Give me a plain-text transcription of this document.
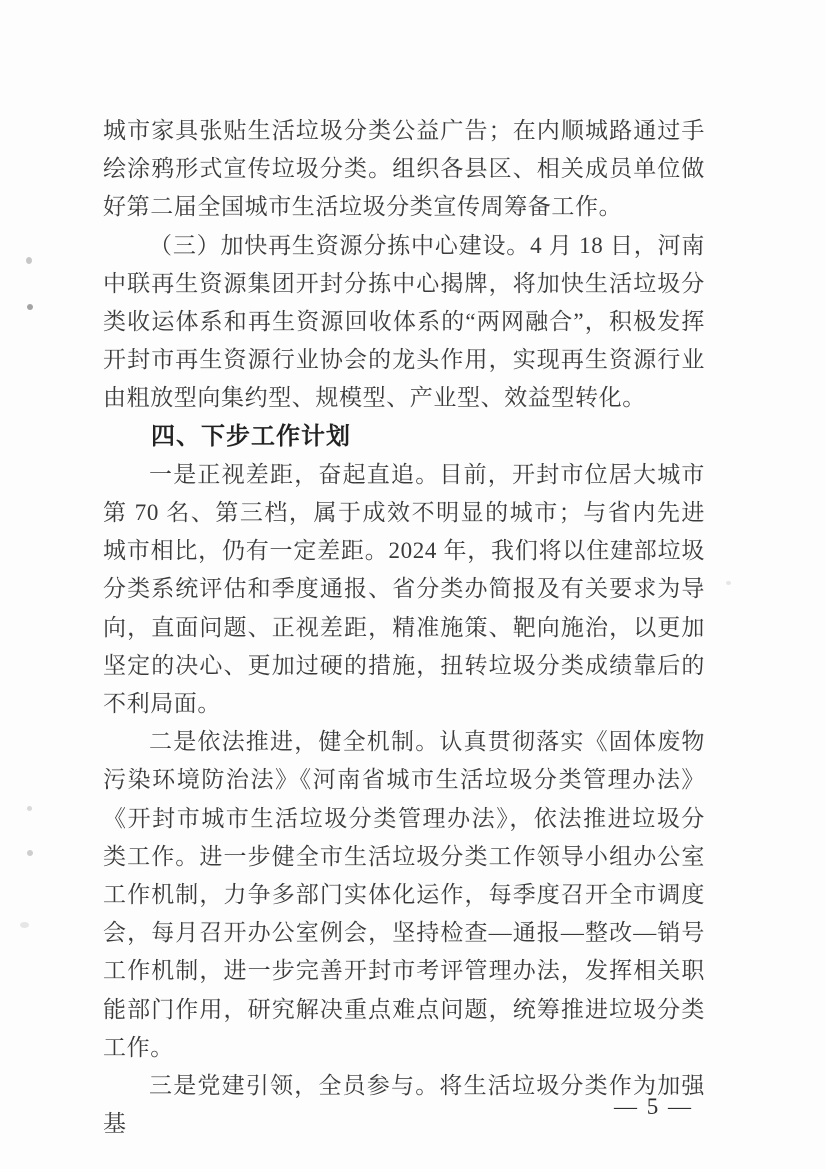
城市家具张贴生活垃圾分类公益广告；在内顺城路通过手绘涂鸦形式宣传垃圾分类。组织各县区、相关成员单位做好第二届全国城市生活垃圾分类宣传周筹备工作。

（三）加快再生资源分拣中心建设。4 月 18 日，河南中联再生资源集团开封分拣中心揭牌，将加快生活垃圾分类收运体系和再生资源回收体系的“两网融合”，积极发挥开封市再生资源行业协会的龙头作用，实现再生资源行业由粗放型向集约型、规模型、产业型、效益型转化。

四、下步工作计划

一是正视差距，奋起直追。目前，开封市位居大城市第 70 名、第三档，属于成效不明显的城市；与省内先进城市相比，仍有一定差距。2024 年，我们将以住建部垃圾分类系统评估和季度通报、省分类办简报及有关要求为导向，直面问题、正视差距，精准施策、靶向施治，以更加坚定的决心、更加过硬的措施，扭转垃圾分类成绩靠后的不利局面。

二是依法推进，健全机制。认真贯彻落实《固体废物污染环境防治法》《河南省城市生活垃圾分类管理办法》《开封市城市生活垃圾分类管理办法》，依法推进垃圾分类工作。进一步健全市生活垃圾分类工作领导小组办公室工作机制，力争多部门实体化运作，每季度召开全市调度会，每月召开办公室例会，坚持检查—通报—整改—销号工作机制，进一步完善开封市考评管理办法，发挥相关职能部门作用，研究解决重点难点问题，统筹推进垃圾分类工作。

三是党建引领，全员参与。将生活垃圾分类作为加强基

— 5 —
